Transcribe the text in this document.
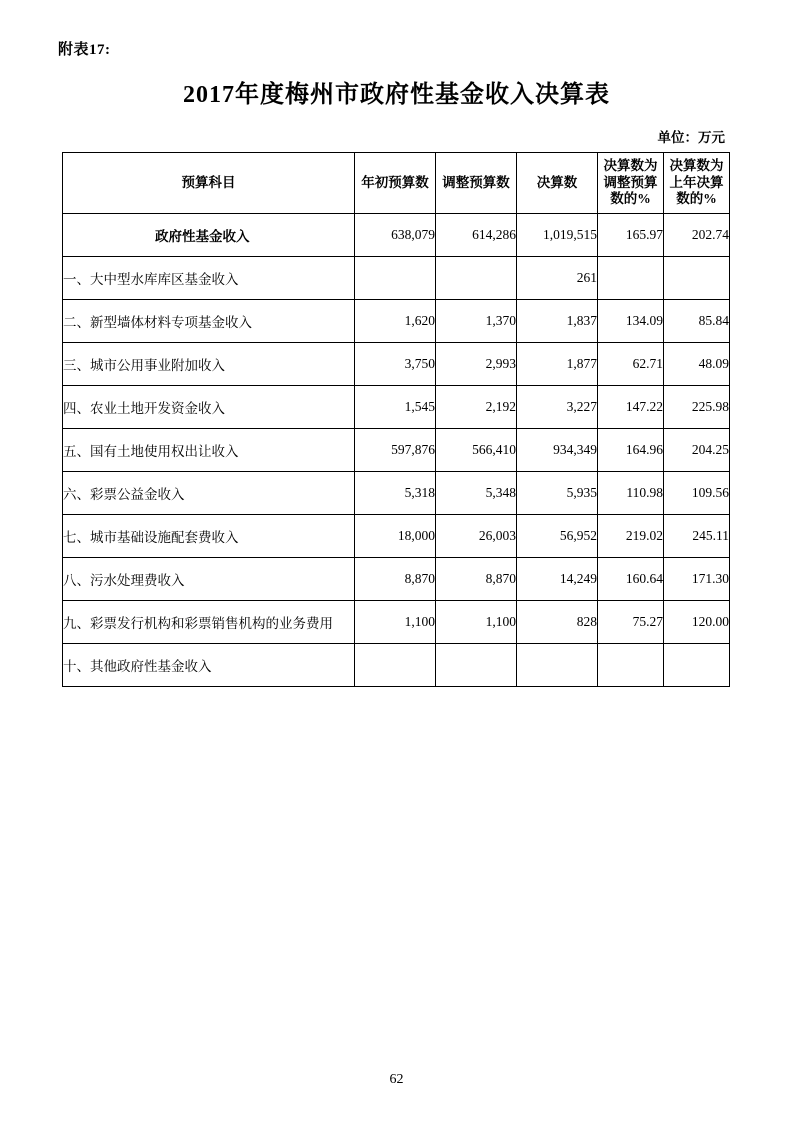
附表17:
2017年度梅州市政府性基金收入决算表
单位：万元
预算科目	年初预算数	调整预算数	决算数	决算数为调整预算数的%	决算数为上年决算数的%
政府性基金收入	638,079	614,286	1,019,515	165.97	202.74
一、大中型水库库区基金收入			261		
二、新型墙体材料专项基金收入	1,620	1,370	1,837	134.09	85.84
三、城市公用事业附加收入	3,750	2,993	1,877	62.71	48.09
四、农业土地开发资金收入	1,545	2,192	3,227	147.22	225.98
五、国有土地使用权出让收入	597,876	566,410	934,349	164.96	204.25
六、彩票公益金收入	5,318	5,348	5,935	110.98	109.56
七、城市基础设施配套费收入	18,000	26,003	56,952	219.02	245.11
八、污水处理费收入	8,870	8,870	14,249	160.64	171.30
九、彩票发行机构和彩票销售机构的业务费用	1,100	1,100	828	75.27	120.00
十、其他政府性基金收入					
62
